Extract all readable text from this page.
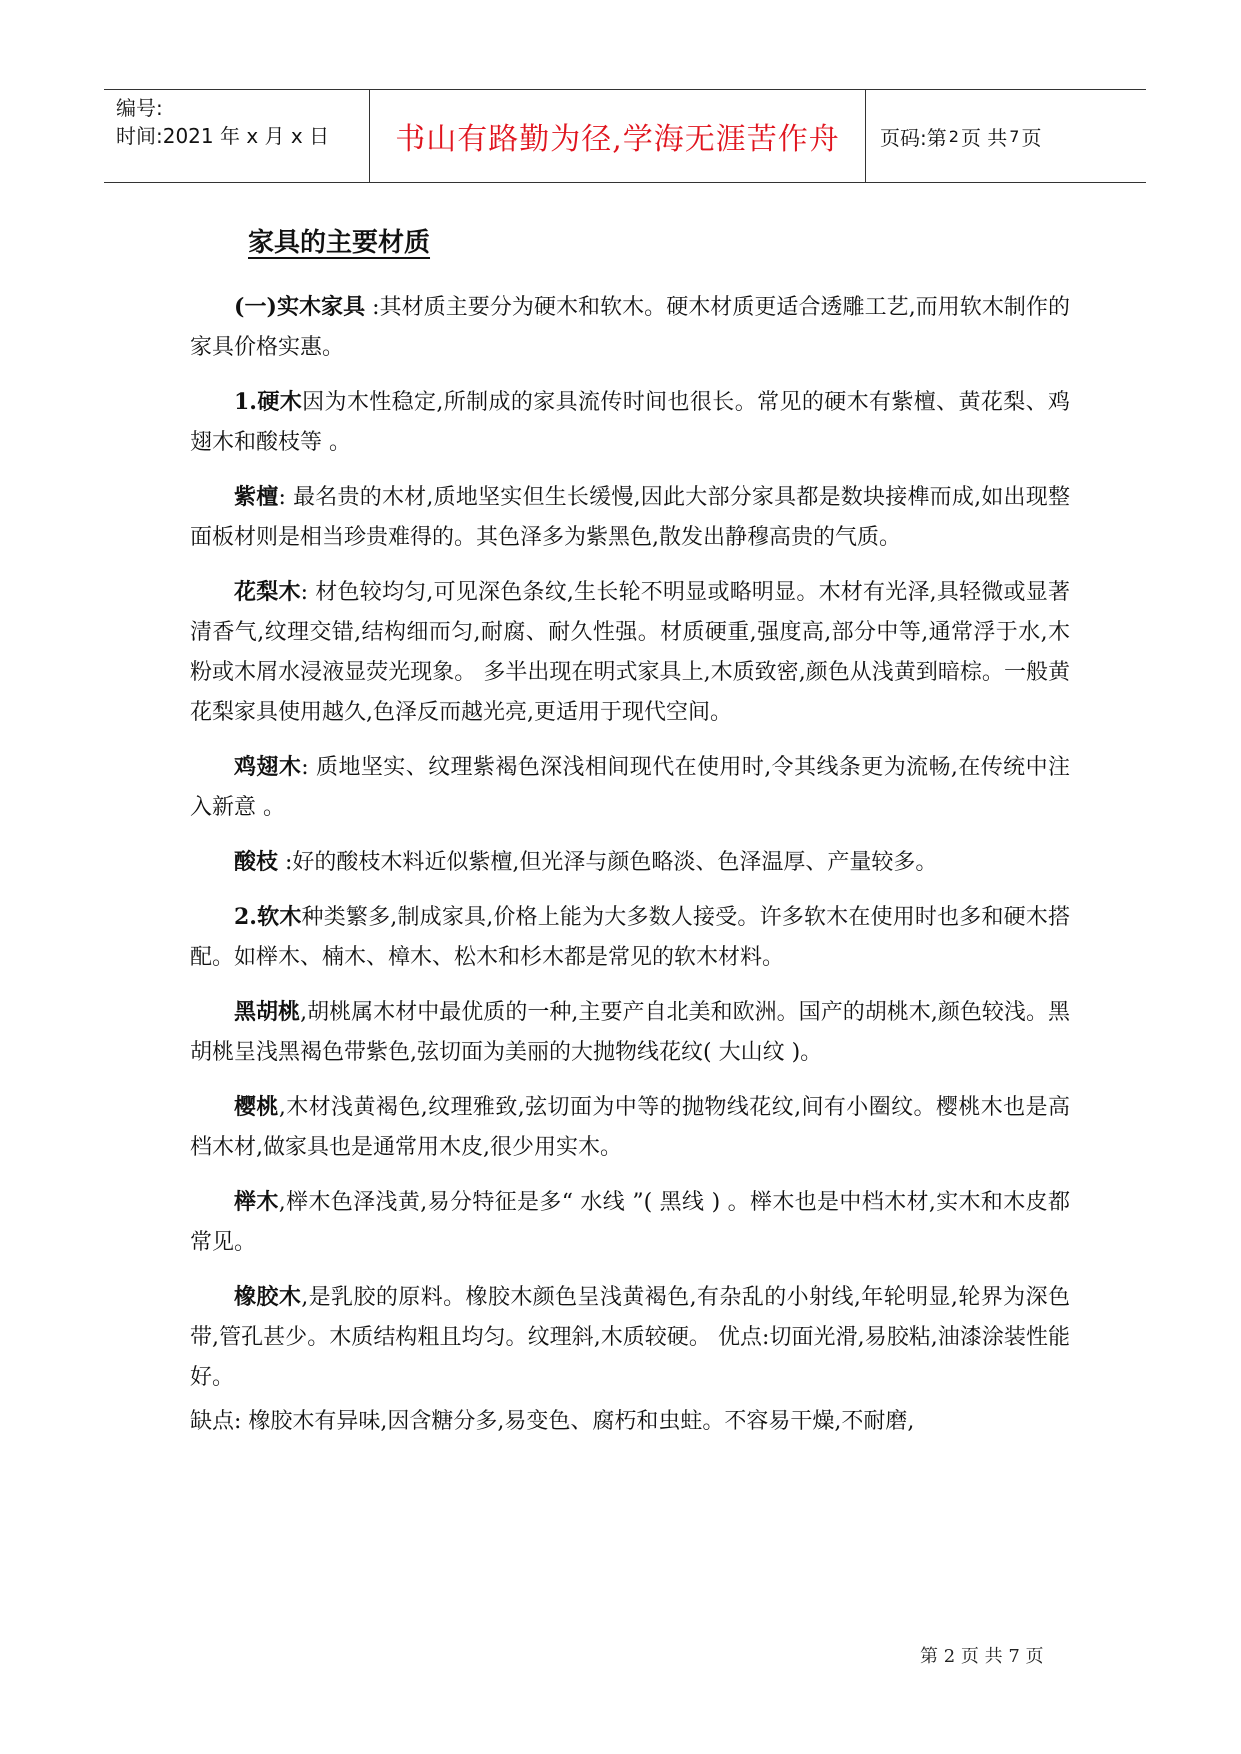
编号:
时间:2021 年 x 月 x 日	书山有路勤为径,学海无涯苦作舟 页码:第 2 页 共 7 页
家具的主要材质

(一)实木家具 :其材质主要分为硬木和软木。硬木材质更适合透雕工艺,而用软木制作的家具价格实惠。

1.硬木因为木性稳定,所制成的家具流传时间也很长。常见的硬木有紫檀、黄花梨、鸡翅木和酸枝等 。

紫檀: 最名贵的木材,质地坚实但生长缓慢,因此大部分家具都是数块接榫而成,如出现整面板材则是相当珍贵难得的。其色泽多为紫黑色,散发出静穆高贵的气质。

花梨木: 材色较均匀,可见深色条纹,生长轮不明显或略明显。木材有光泽,具轻微或显著清香气,纹理交错,结构细而匀,耐腐、耐久性强。材质硬重,强度高,部分中等,通常浮于水,木粉或木屑水浸液显荧光现象。 多半出现在明式家具上,木质致密,颜色从浅黄到暗棕。一般黄花梨家具使用越久,色泽反而越光亮,更适用于现代空间。

鸡翅木: 质地坚实、纹理紫褐色深浅相间现代在使用时,令其线条更为流畅,在传统中注入新意 。

酸枝 :好的酸枝木料近似紫檀,但光泽与颜色略淡、色泽温厚、产量较多。

2.软木种类繁多,制成家具,价格上能为大多数人接受。许多软木在使用时也多和硬木搭配。如榉木、楠木、樟木、松木和杉木都是常见的软木材料。

黑胡桃,胡桃属木材中最优质的一种,主要产自北美和欧洲。国产的胡桃木,颜色较浅。黑胡桃呈浅黑褐色带紫色,弦切面为美丽的大抛物线花纹( 大山纹 )。

樱桃,木材浅黄褐色,纹理雅致,弦切面为中等的抛物线花纹,间有小圈纹。樱桃木也是高档木材,做家具也是通常用木皮,很少用实木。

榉木,榉木色泽浅黄,易分特征是多“ 水线 ”( 黑线 ) 。榉木也是中档木材,实木和木皮都常见。

橡胶木,是乳胶的原料。橡胶木颜色呈浅黄褐色,有杂乱的小射线,年轮明显,轮界为深色带,管孔甚少。木质结构粗且均匀。纹理斜,木质较硬。 优点:切面光滑,易胶粘,油漆涂装性能好。

缺点: 橡胶木有异味,因含糖分多,易变色、腐朽和虫蛀。不容易干燥,不耐磨,

第 2 页 共 7 页
